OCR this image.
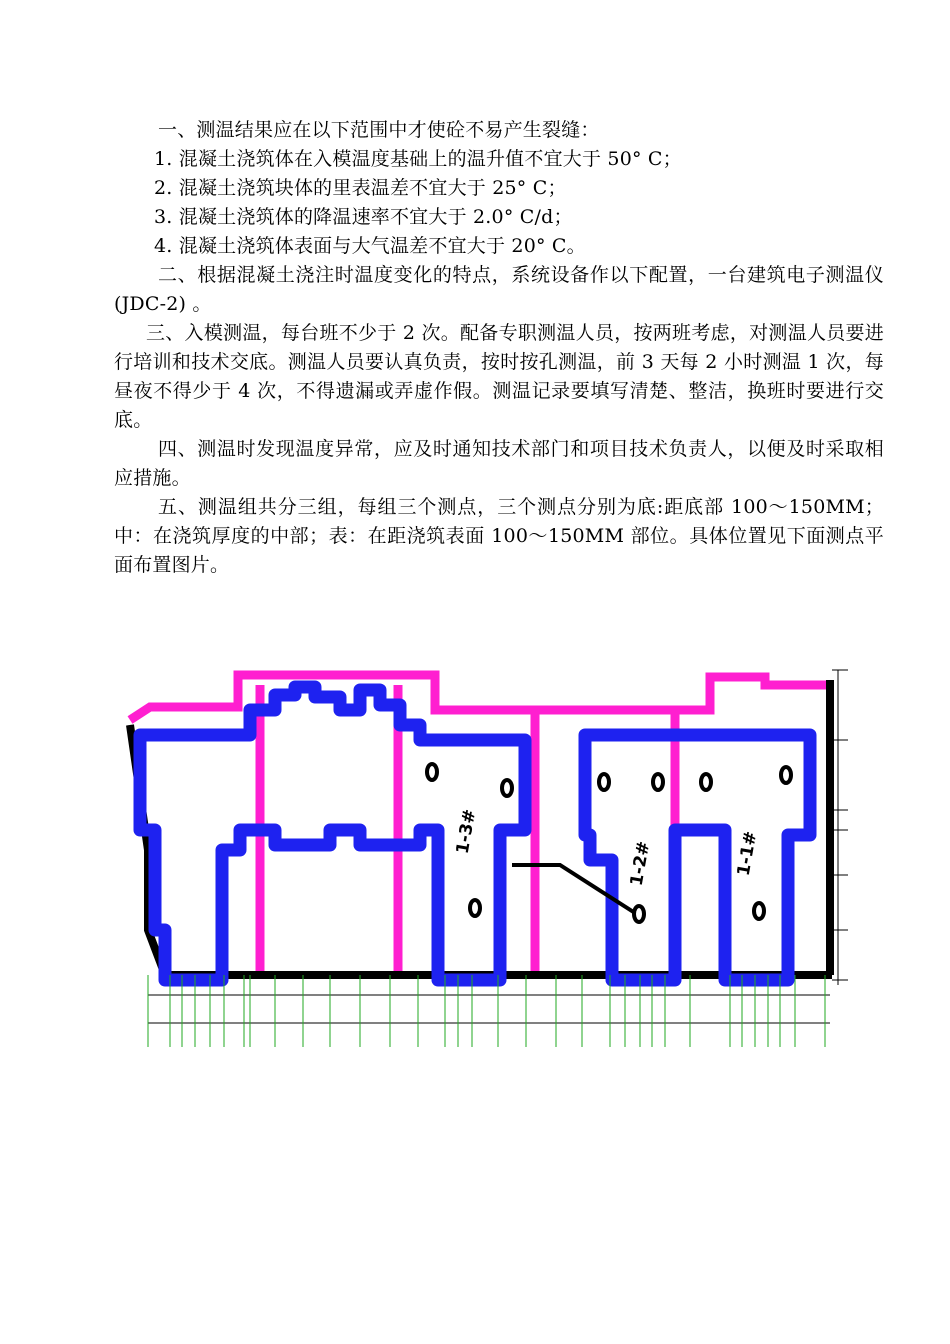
一、测温结果应在以下范围中才使砼不易产生裂缝：

1. 混凝土浇筑体在入模温度基础上的温升值不宜大于 50° C；

2. 混凝土浇筑块体的里表温差不宜大于 25° C；

3. 混凝土浇筑体的降温速率不宜大于 2.0° C/d；

4. 混凝土浇筑体表面与大气温差不宜大于 20° C。

二、根据混凝土浇注时温度变化的特点，系统设备作以下配置，一台建筑电子测温仪(JDC-2) 。

三、入模测温，每台班不少于 2 次。配备专职测温人员，按两班考虑，对测温人员要进行培训和技术交底。测温人员要认真负责，按时按孔测温，前 3 天每 2 小时测温 1 次，每昼夜不得少于 4 次，不得遗漏或弄虚作假。测温记录要填写清楚、整洁，换班时要进行交底。

四、测温时发现温度异常，应及时通知技术部门和项目技术负责人，以便及时采取相应措施。

五、测温组共分三组，每组三个测点，三个测点分别为底:距底部 100～150MM；中：在浇筑厚度的中部；表：在距浇筑表面 100～150MM 部位。具体位置见下面测点平面布置图片。

1-3#
1-2#	1-1#
